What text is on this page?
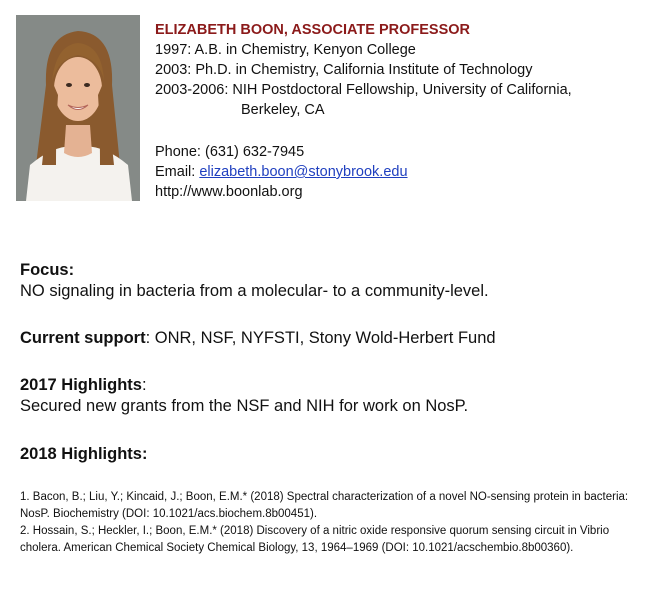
ELIZABETH BOON, ASSOCIATE PROFESSOR
1997: A.B. in Chemistry, Kenyon College
2003: Ph.D. in Chemistry, California Institute of Technology
2003-2006: NIH Postdoctoral Fellowship, University of California,
Berkeley, CA
Phone: (631) 632-7945
Email: elizabeth.boon@stonybrook.edu
http://www.boonlab.org
Focus:
NO signaling in bacteria from a molecular- to a community-level.
Current support: ONR, NSF, NYFSTI, Stony Wold-Herbert Fund
2017 Highlights:
Secured new grants from the NSF and NIH for work on NosP.
2018 Highlights:
1. Bacon, B.; Liu, Y.; Kincaid, J.; Boon, E.M.* (2018) Spectral characterization of a novel NO-sensing protein in bacteria: NosP. Biochemistry (DOI: 10.1021/acs.biochem.8b00451).
2. Hossain, S.; Heckler, I.; Boon, E.M.* (2018) Discovery of a nitric oxide responsive quorum sensing circuit in Vibrio cholera. American Chemical Society Chemical Biology, 13, 1964–1969 (DOI: 10.1021/acschembio.8b00360).
